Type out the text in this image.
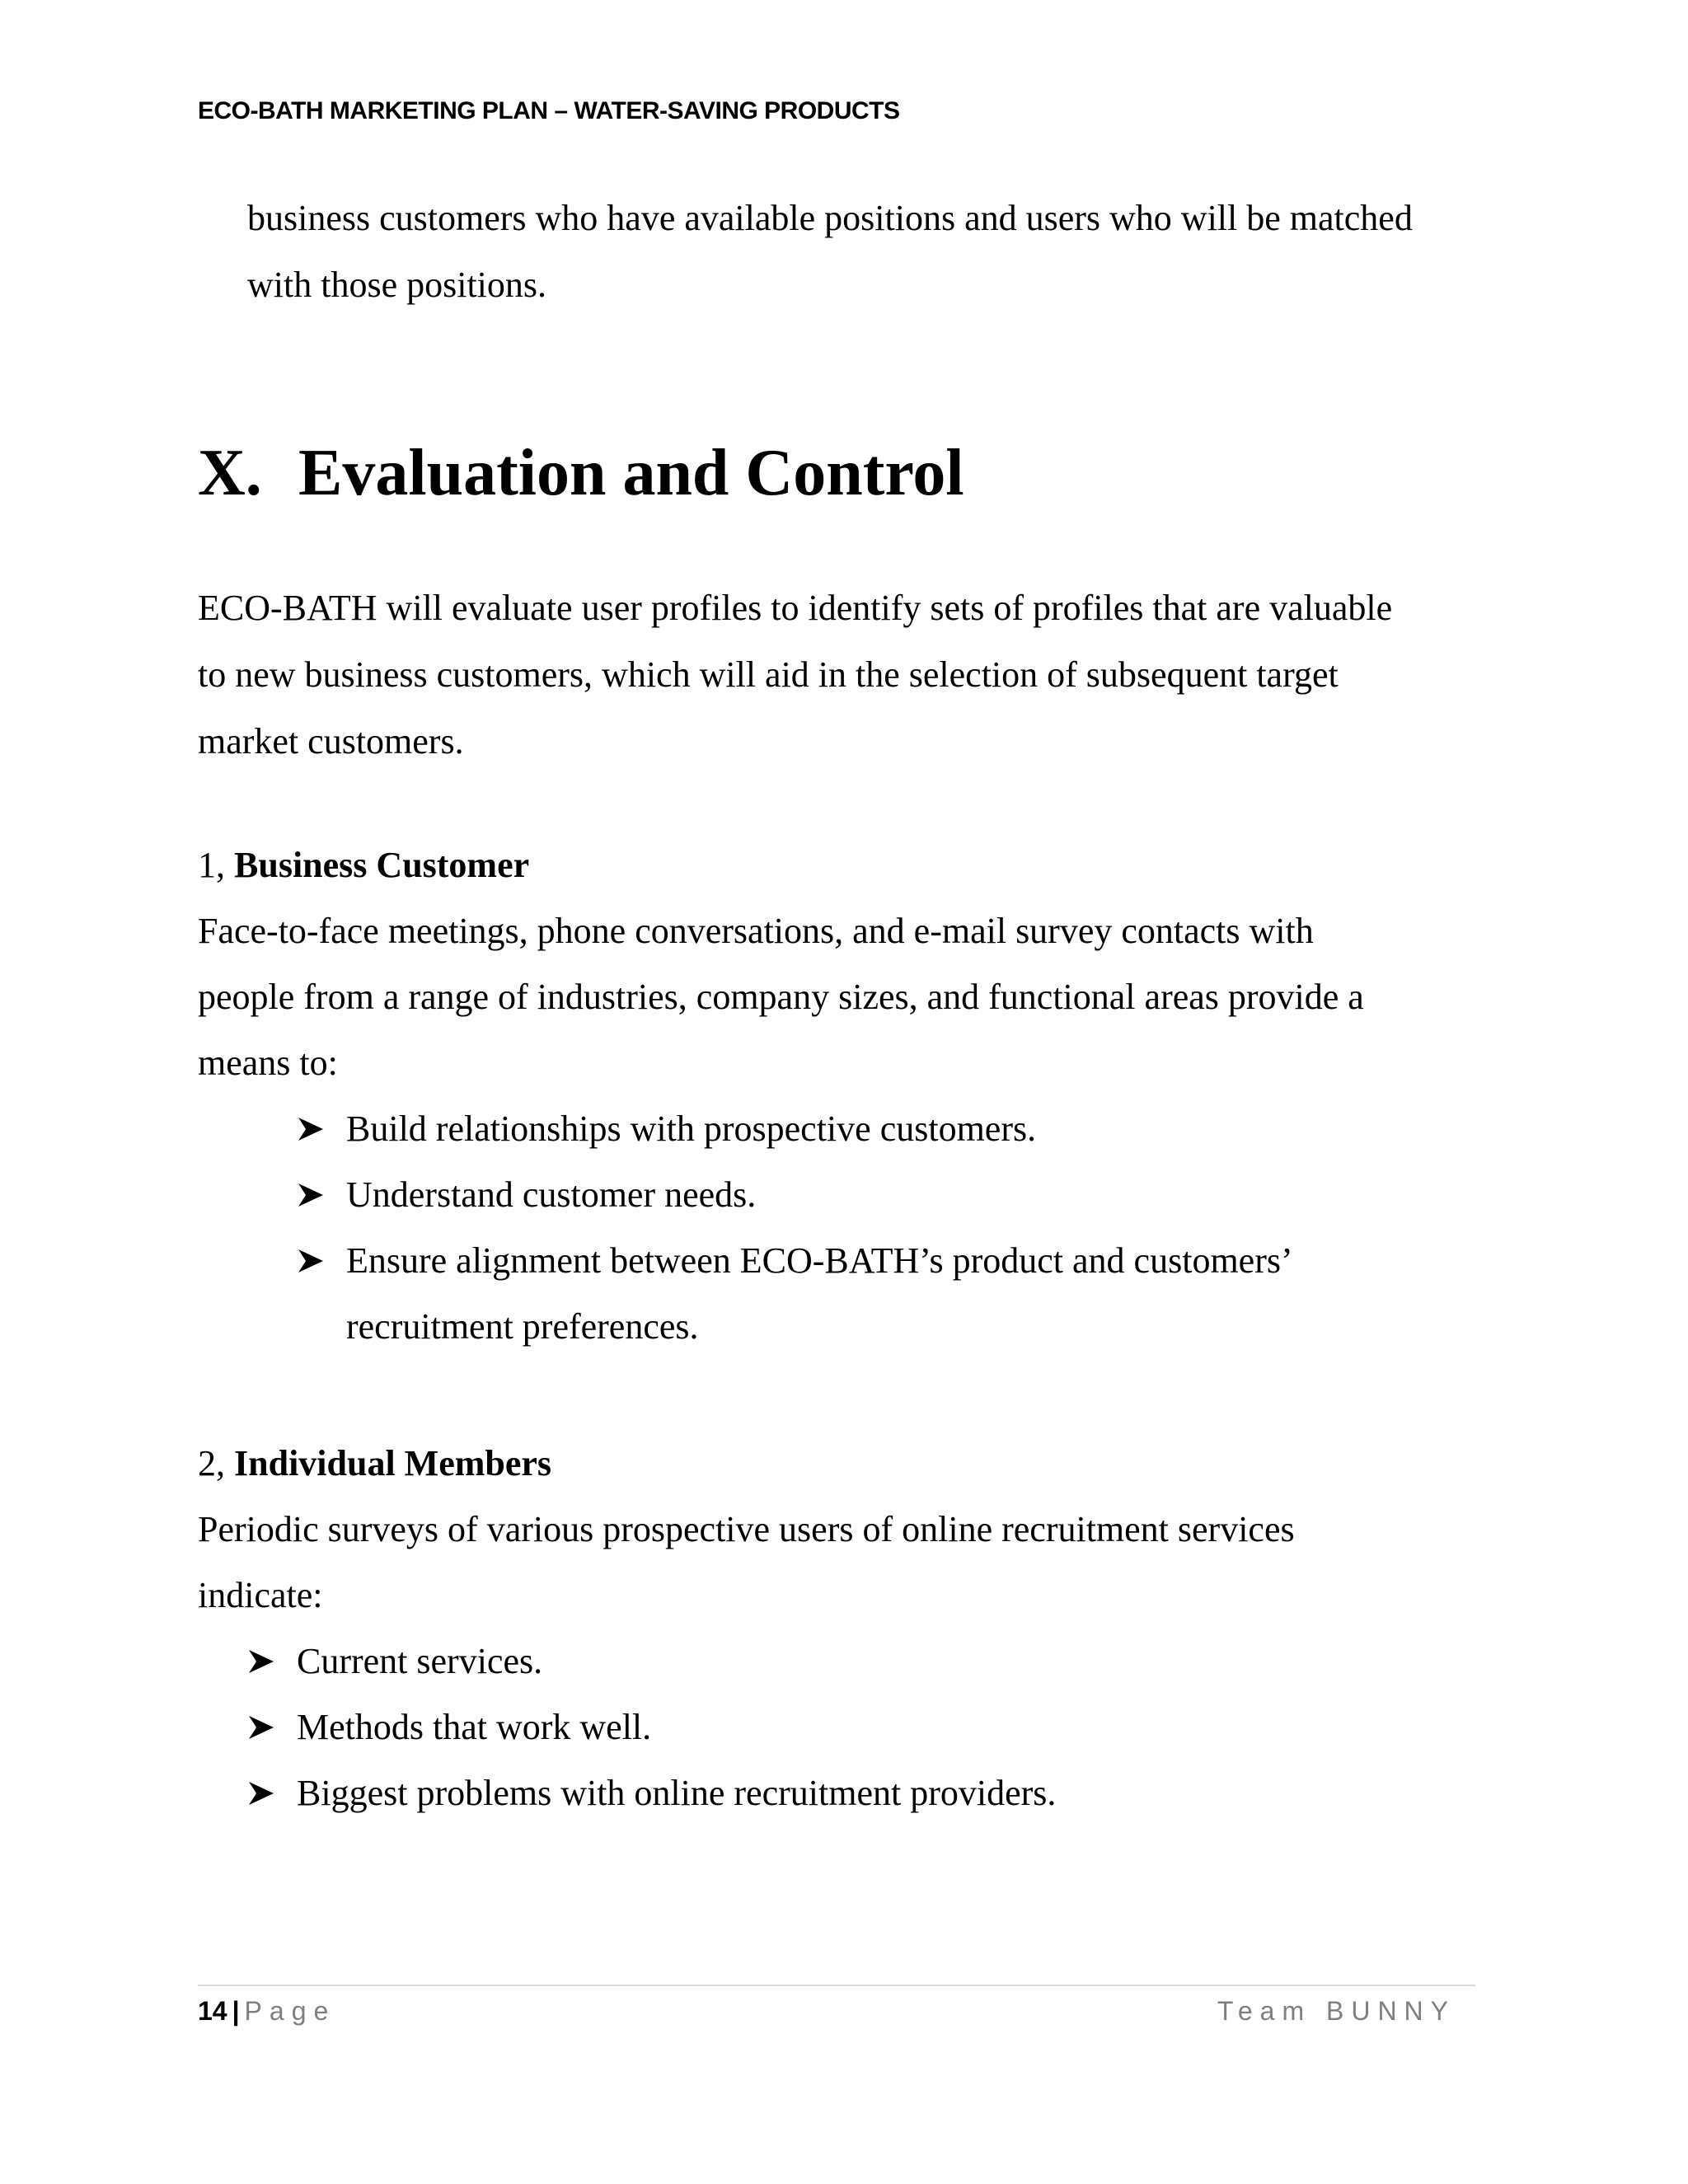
ECO-BATH MARKETING PLAN – WATER-SAVING PRODUCTS
business customers who have available positions and users who will be matched
with those positions.
X. Evaluation and Control
ECO-BATH will evaluate user profiles to identify sets of profiles that are valuable
to new business customers, which will aid in the selection of subsequent target
market customers.
1, Business Customer
Face-to-face meetings, phone conversations, and e-mail survey contacts with
people from a range of industries, company sizes, and functional areas provide a
means to:
Build relationships with prospective customers.
Understand customer needs.
Ensure alignment between ECO-BATH’s product and customers’
recruitment preferences.
2, Individual Members
Periodic surveys of various prospective users of online recruitment services
indicate:
Current services.
Methods that work well.
Biggest problems with online recruitment providers.
14 | Page	Team BUNNY
